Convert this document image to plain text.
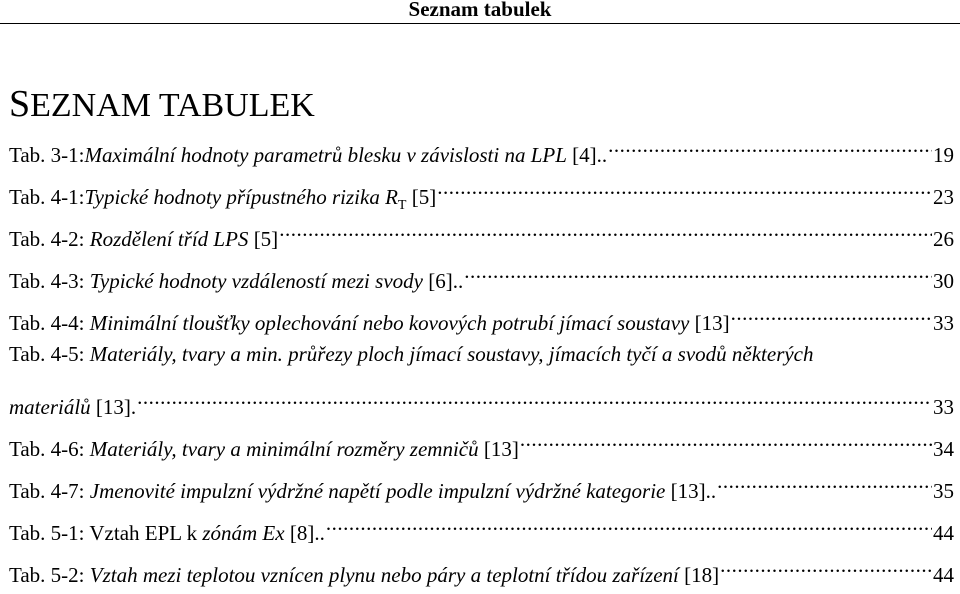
Seznam tabulek
SEZNAM TABULEK
Tab. 3-1:Maximální hodnoty parametrů blesku v závislosti na LPL [4].. .....	19
Tab. 4-1:Typické hodnoty přípustného rizika $R_T$ [5] .....	23
Tab. 4-2: Rozdělení tříd LPS [5] .....	26
Tab. 4-3: Typické hodnoty vzdáleností mezi svody [6].. .....	30
Tab. 4-4: Minimální tloušťky oplechování nebo kovových potrubí jímací soustavy [13] .....	33
Tab. 4-5: Materiály, tvary a min. průřezy ploch jímací soustavy, jímacích tyčí a svodů některých
materiálů [13]. .....	33
Tab. 4-6: Materiály, tvary a minimální rozměry zemničů [13] .....	34
Tab. 4-7: Jmenovité impulzní výdržné napětí podle impulzní výdržné kategorie [13].. .....	35
Tab. 5-1: Vztah EPL k zónám Ex [8].. .....	44
Tab. 5-2: Vztah mezi teplotou vznícen plynu nebo páry a teplotní třídou zařízení [18] .....	44
